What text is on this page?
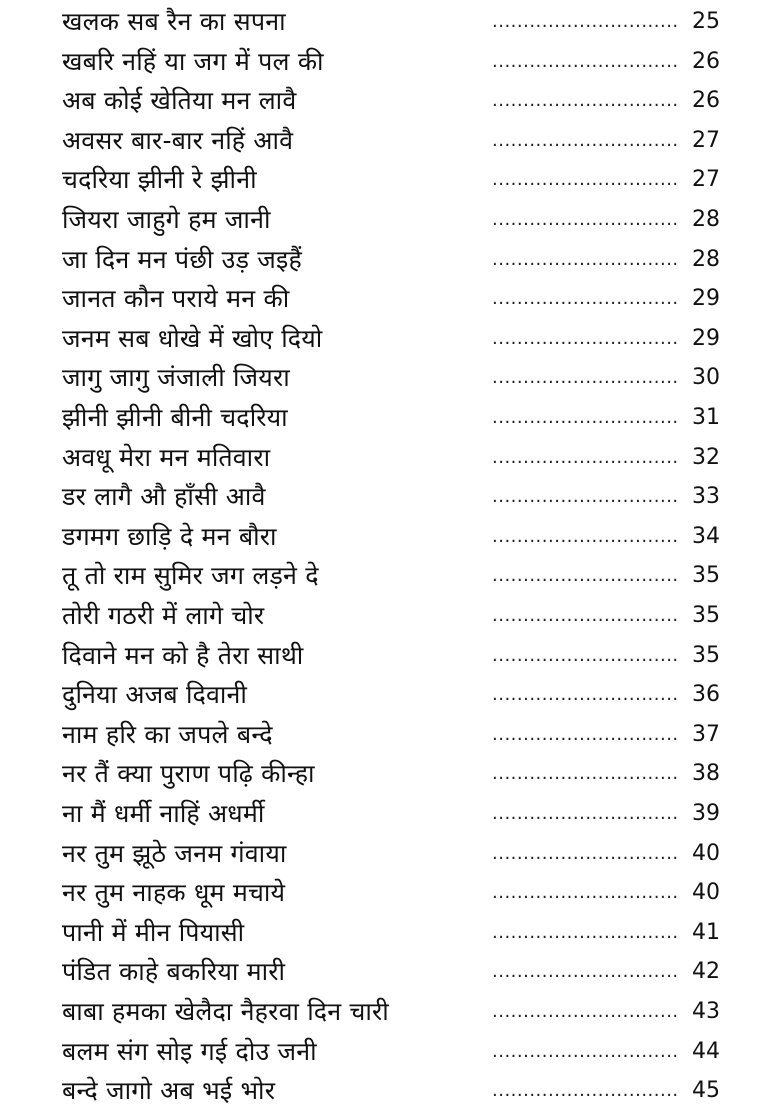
खलक सब रैन का सपना	.............................. 25
खबरि नहिं या जग में पल की	.............................. 26
अब कोई खेतिया मन लावै	.............................. 26
अवसर बार-बार नहिं आवै	.............................. 27
चदरिया झीनी रे झीनी	.............................. 27
जियरा जाहुगे हम जानी	.............................. 28
जा दिन मन पंछी उड़ जइहैं	.............................. 28
जानत कौन पराये मन की	.............................. 29
जनम सब धोखे में खोए दियो	.............................. 29
जागु जागु जंजाली जियरा	.............................. 30
झीनी झीनी बीनी चदरिया	.............................. 31
अवधू मेरा मन मतिवारा	.............................. 32
डर लागै औ हाँसी आवै	.............................. 33
डगमग छाड़ि दे मन बौरा	.............................. 34
तू तो राम सुमिर जग लड़ने दे	.............................. 35
तोरी गठरी में लागे चोर	.............................. 35
दिवाने मन को है तेरा साथी	.............................. 35
दुनिया अजब दिवानी	.............................. 36
नाम हरि का जपले बन्दे	.............................. 37
नर तैं क्या पुराण पढ़ि कीन्हा	.............................. 38
ना मैं धर्मी नाहिं अधर्मी	.............................. 39
नर तुम झूठे जनम गंवाया	.............................. 40
नर तुम नाहक धूम मचाये	.............................. 40
पानी में मीन पियासी	.............................. 41
पंडित काहे बकरिया मारी	.............................. 42
बाबा हमका खेलैदा नैहरवा दिन चारी	.............................. 43
बलम संग सोइ गई दोउ जनी	.............................. 44
बन्दे जागो अब भई भोर	.............................. 45
